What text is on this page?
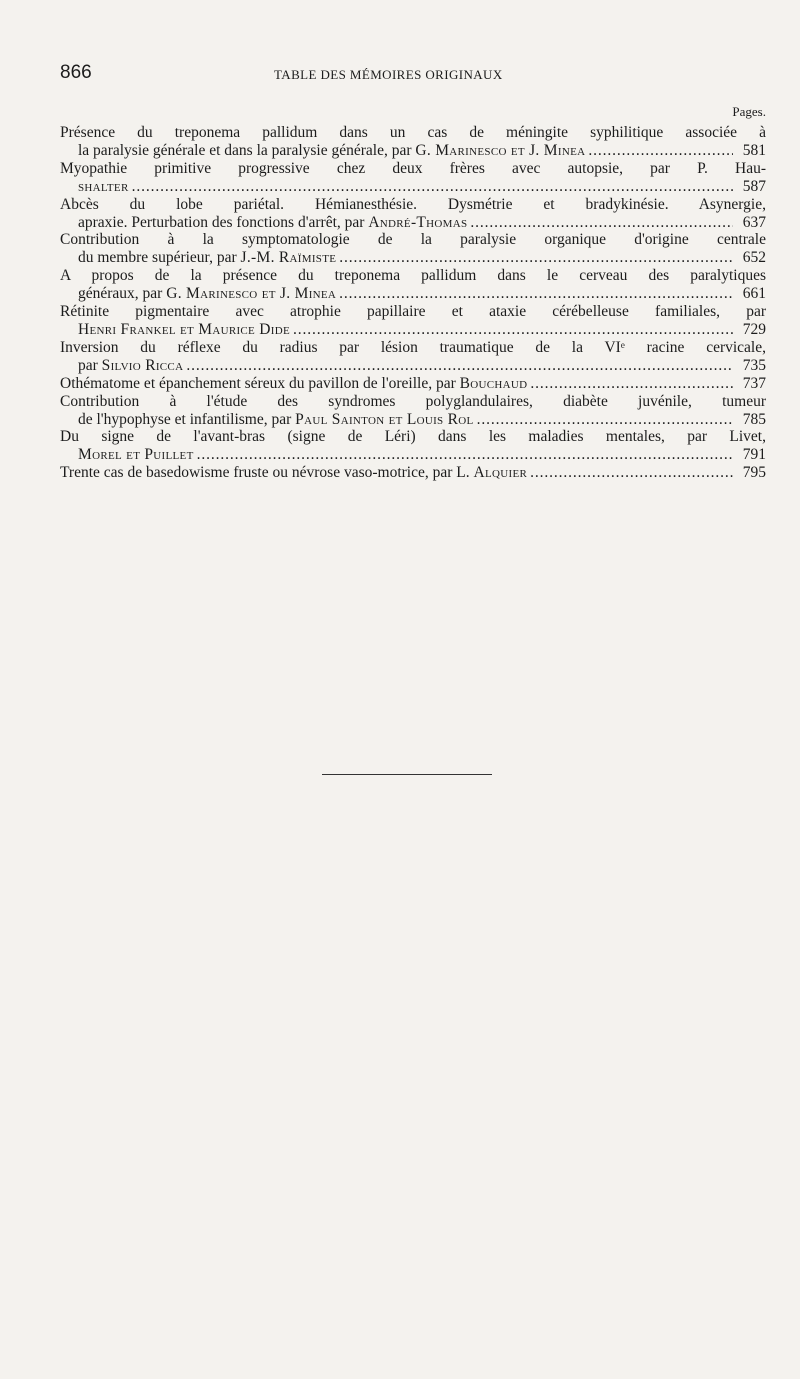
866	TABLE DES MÉMOIRES ORIGINAUX
Pages.
Présence du treponema pallidum dans un cas de méningite syphilitique associée à
la paralysie générale et dans la paralysie générale, par G. Marinesco et J. Minea . . .	581
Myopathie primitive progressive chez deux frères avec autopsie, par P. Hau-
shalter . . .	587
Abcès du lobe pariétal. Hémianesthésie. Dysmétrie et bradykinésie. Asynergie,
apraxie. Perturbation des fonctions d'arrêt, par André-Thomas . . .	637
Contribution à la symptomatologie de la paralysie organique d'origine centrale
du membre supérieur, par J.-M. Raïmiste . . .	652
A propos de la présence du treponema pallidum dans le cerveau des paralytiques
généraux, par G. Marinesco et J. Minea . . .	661
Rétinite pigmentaire avec atrophie papillaire et ataxie cérébelleuse familiales, par
Henri Frankel et Maurice Dide . . .	729
Inversion du réflexe du radius par lésion traumatique de la VIᵉ racine cervicale,
par Silvio Ricca . . .	735
Othématome et épanchement séreux du pavillon de l'oreille, par Bouchaud . . .	737
Contribution à l'étude des syndromes polyglandulaires, diabète juvénile, tumeur
de l'hypophyse et infantilisme, par Paul Sainton et Louis Rol . . .	785
Du signe de l'avant-bras (signe de Léri) dans les maladies mentales, par Livet,
Morel et Puillet . . .	791
Trente cas de basedowisme fruste ou névrose vaso-motrice, par L. Alquier . . .	795
